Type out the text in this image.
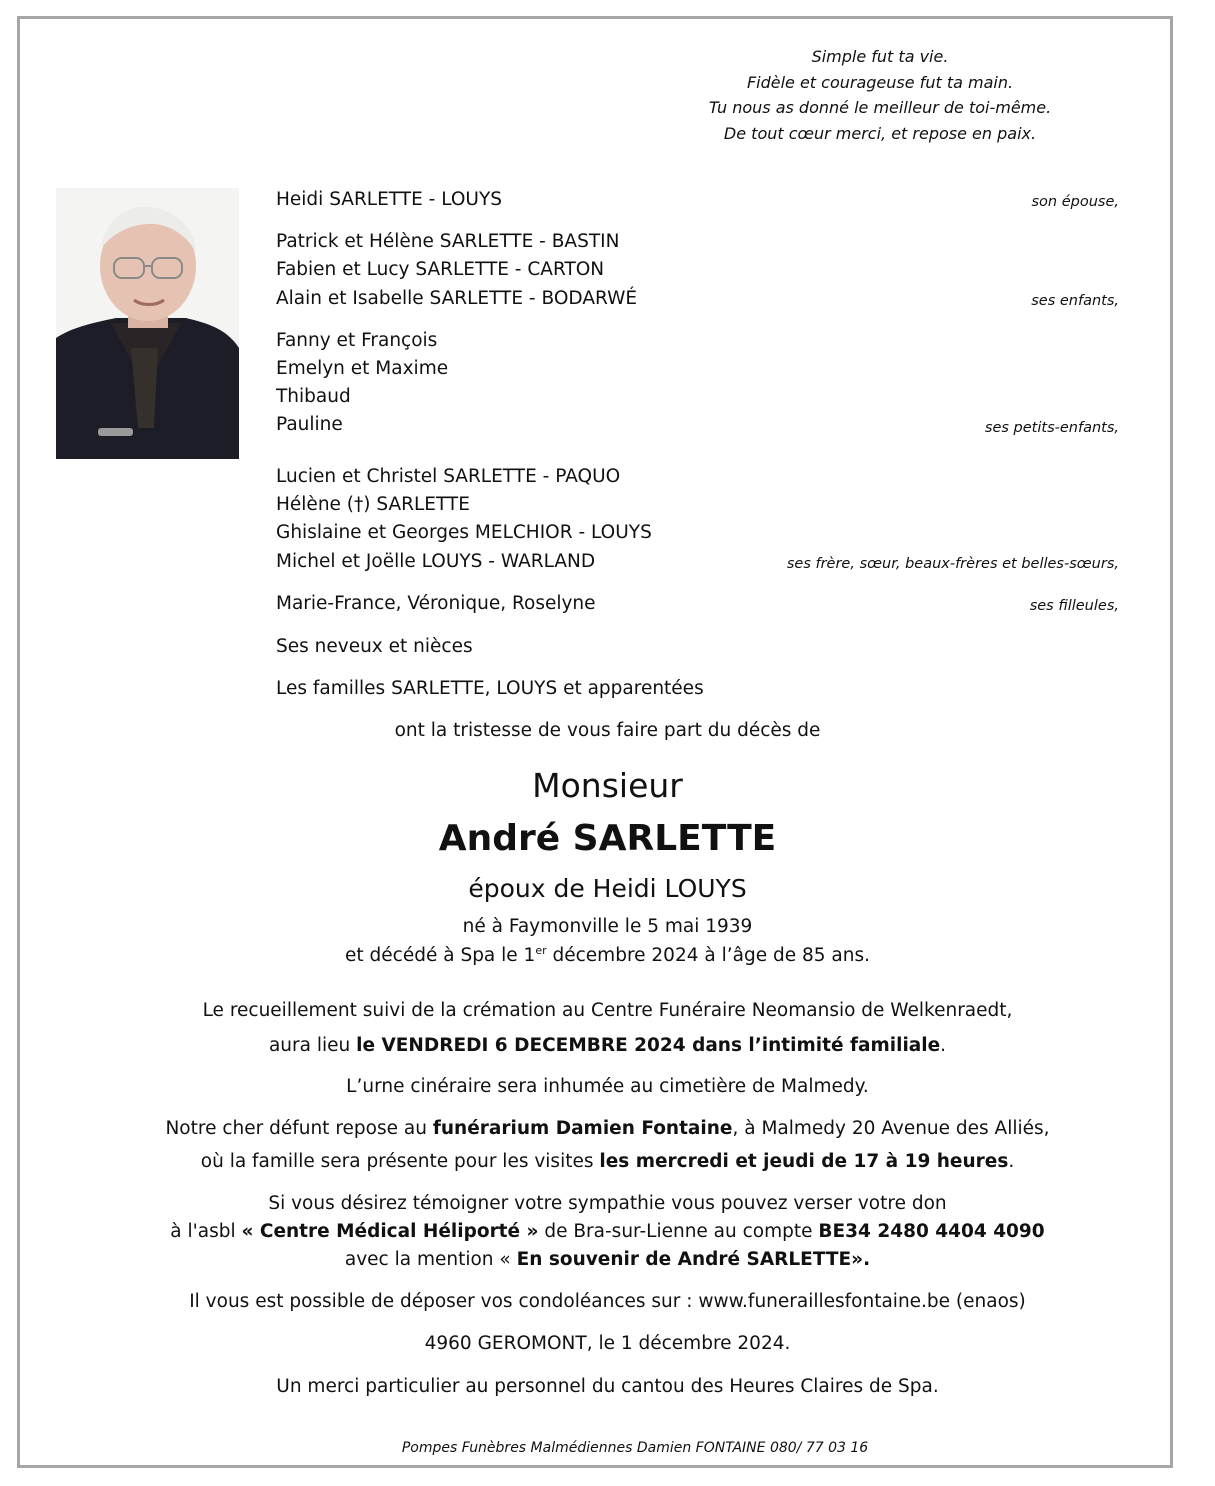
Simple fut ta vie.
Fidèle et courageuse fut ta main.
Tu nous as donné le meilleur de toi-même.
De tout cœur merci, et repose en paix.
Heidi SARLETTE - LOUYS	son épouse,
Patrick et Hélène SARLETTE - BASTIN
Fabien et Lucy SARLETTE - CARTON
Alain et Isabelle SARLETTE - BODARWÉ	ses enfants,
Fanny et François
Emelyn et Maxime
Thibaud
Pauline	ses petits-enfants,
Lucien et Christel SARLETTE - PAQUO
Hélène (†) SARLETTE
Ghislaine et Georges MELCHIOR - LOUYS
Michel et Joëlle LOUYS - WARLAND	ses frère, sœur, beaux-frères et belles-sœurs,
Marie-France, Véronique, Roselyne	ses filleules,
Ses neveux et nièces
Les familles SARLETTE, LOUYS et apparentées
ont la tristesse de vous faire part du décès de
Monsieur
André SARLETTE
époux de Heidi LOUYS
né à Faymonville le 5 mai 1939
et décédé à Spa le 1er décembre 2024 à l’âge de 85 ans.
Le recueillement suivi de la crémation au Centre Funéraire Neomansio de Welkenraedt,
aura lieu le VENDREDI 6 DECEMBRE 2024 dans l’intimité familiale.
L’urne cinéraire sera inhumée au cimetière de Malmedy.
Notre cher défunt repose au funérarium Damien Fontaine, à Malmedy 20 Avenue des Alliés,
où la famille sera présente pour les visites les mercredi et jeudi de 17 à 19 heures.
Si vous désirez témoigner votre sympathie vous pouvez verser votre don
à l'asbl « Centre Médical Héliporté » de Bra-sur-Lienne au compte BE34 2480 4404 4090
avec la mention « En souvenir de André SARLETTE».
Il vous est possible de déposer vos condoléances sur : www.funeraillesfontaine.be (enaos)
4960 GEROMONT, le 1 décembre 2024.
Un merci particulier au personnel du cantou des Heures Claires de Spa.
Pompes Funèbres Malmédiennes Damien FONTAINE 080/ 77 03 16
